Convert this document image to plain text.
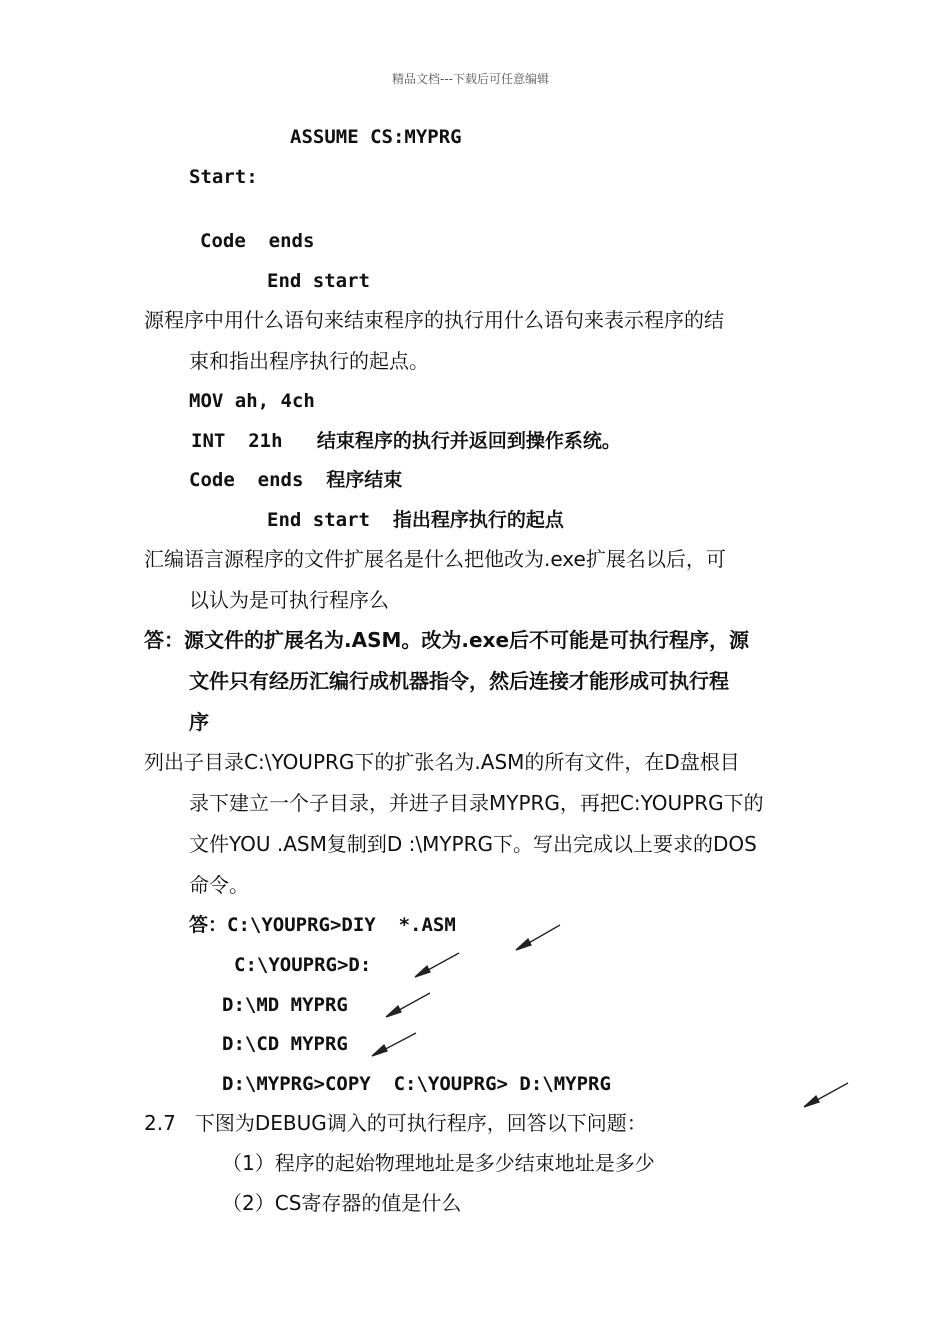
精品文档---下载后可任意编辑
ASSUME CS:MYPRG
Start:
Code  ends
End start
源程序中用什么语句来结束程序的执行用什么语句来表示程序的结
束和指出程序执行的起点。
MOV ah, 4ch
INT  21h   结束程序的执行并返回到操作系统。
Code  ends  程序结束
End start  指出程序执行的起点
汇编语言源程序的文件扩展名是什么把他改为.exe扩展名以后，可
以认为是可执行程序么
答：源文件的扩展名为.ASM。改为.exe后不可能是可执行程序，源
文件只有经历汇编行成机器指令，然后连接才能形成可执行程
序
列出子目录C:\YOUPRG下的扩张名为.ASM的所有文件，在D盘根目
录下建立一个子目录，并进子目录MYPRG，再把C:YOUPRG下的
文件YOU .ASM复制到D :\MYPRG下。写出完成以上要求的DOS
命令。
答：C:\YOUPRG>DIY  *.ASM
C:\YOUPRG>D:
D:\MD MYPRG
D:\CD MYPRG
D:\MYPRG>COPY  C:\YOUPRG> D:\MYPRG
2.7   下图为DEBUG调入的可执行程序，回答以下问题：
（1）程序的起始物理地址是多少结束地址是多少
（2）CS寄存器的值是什么
